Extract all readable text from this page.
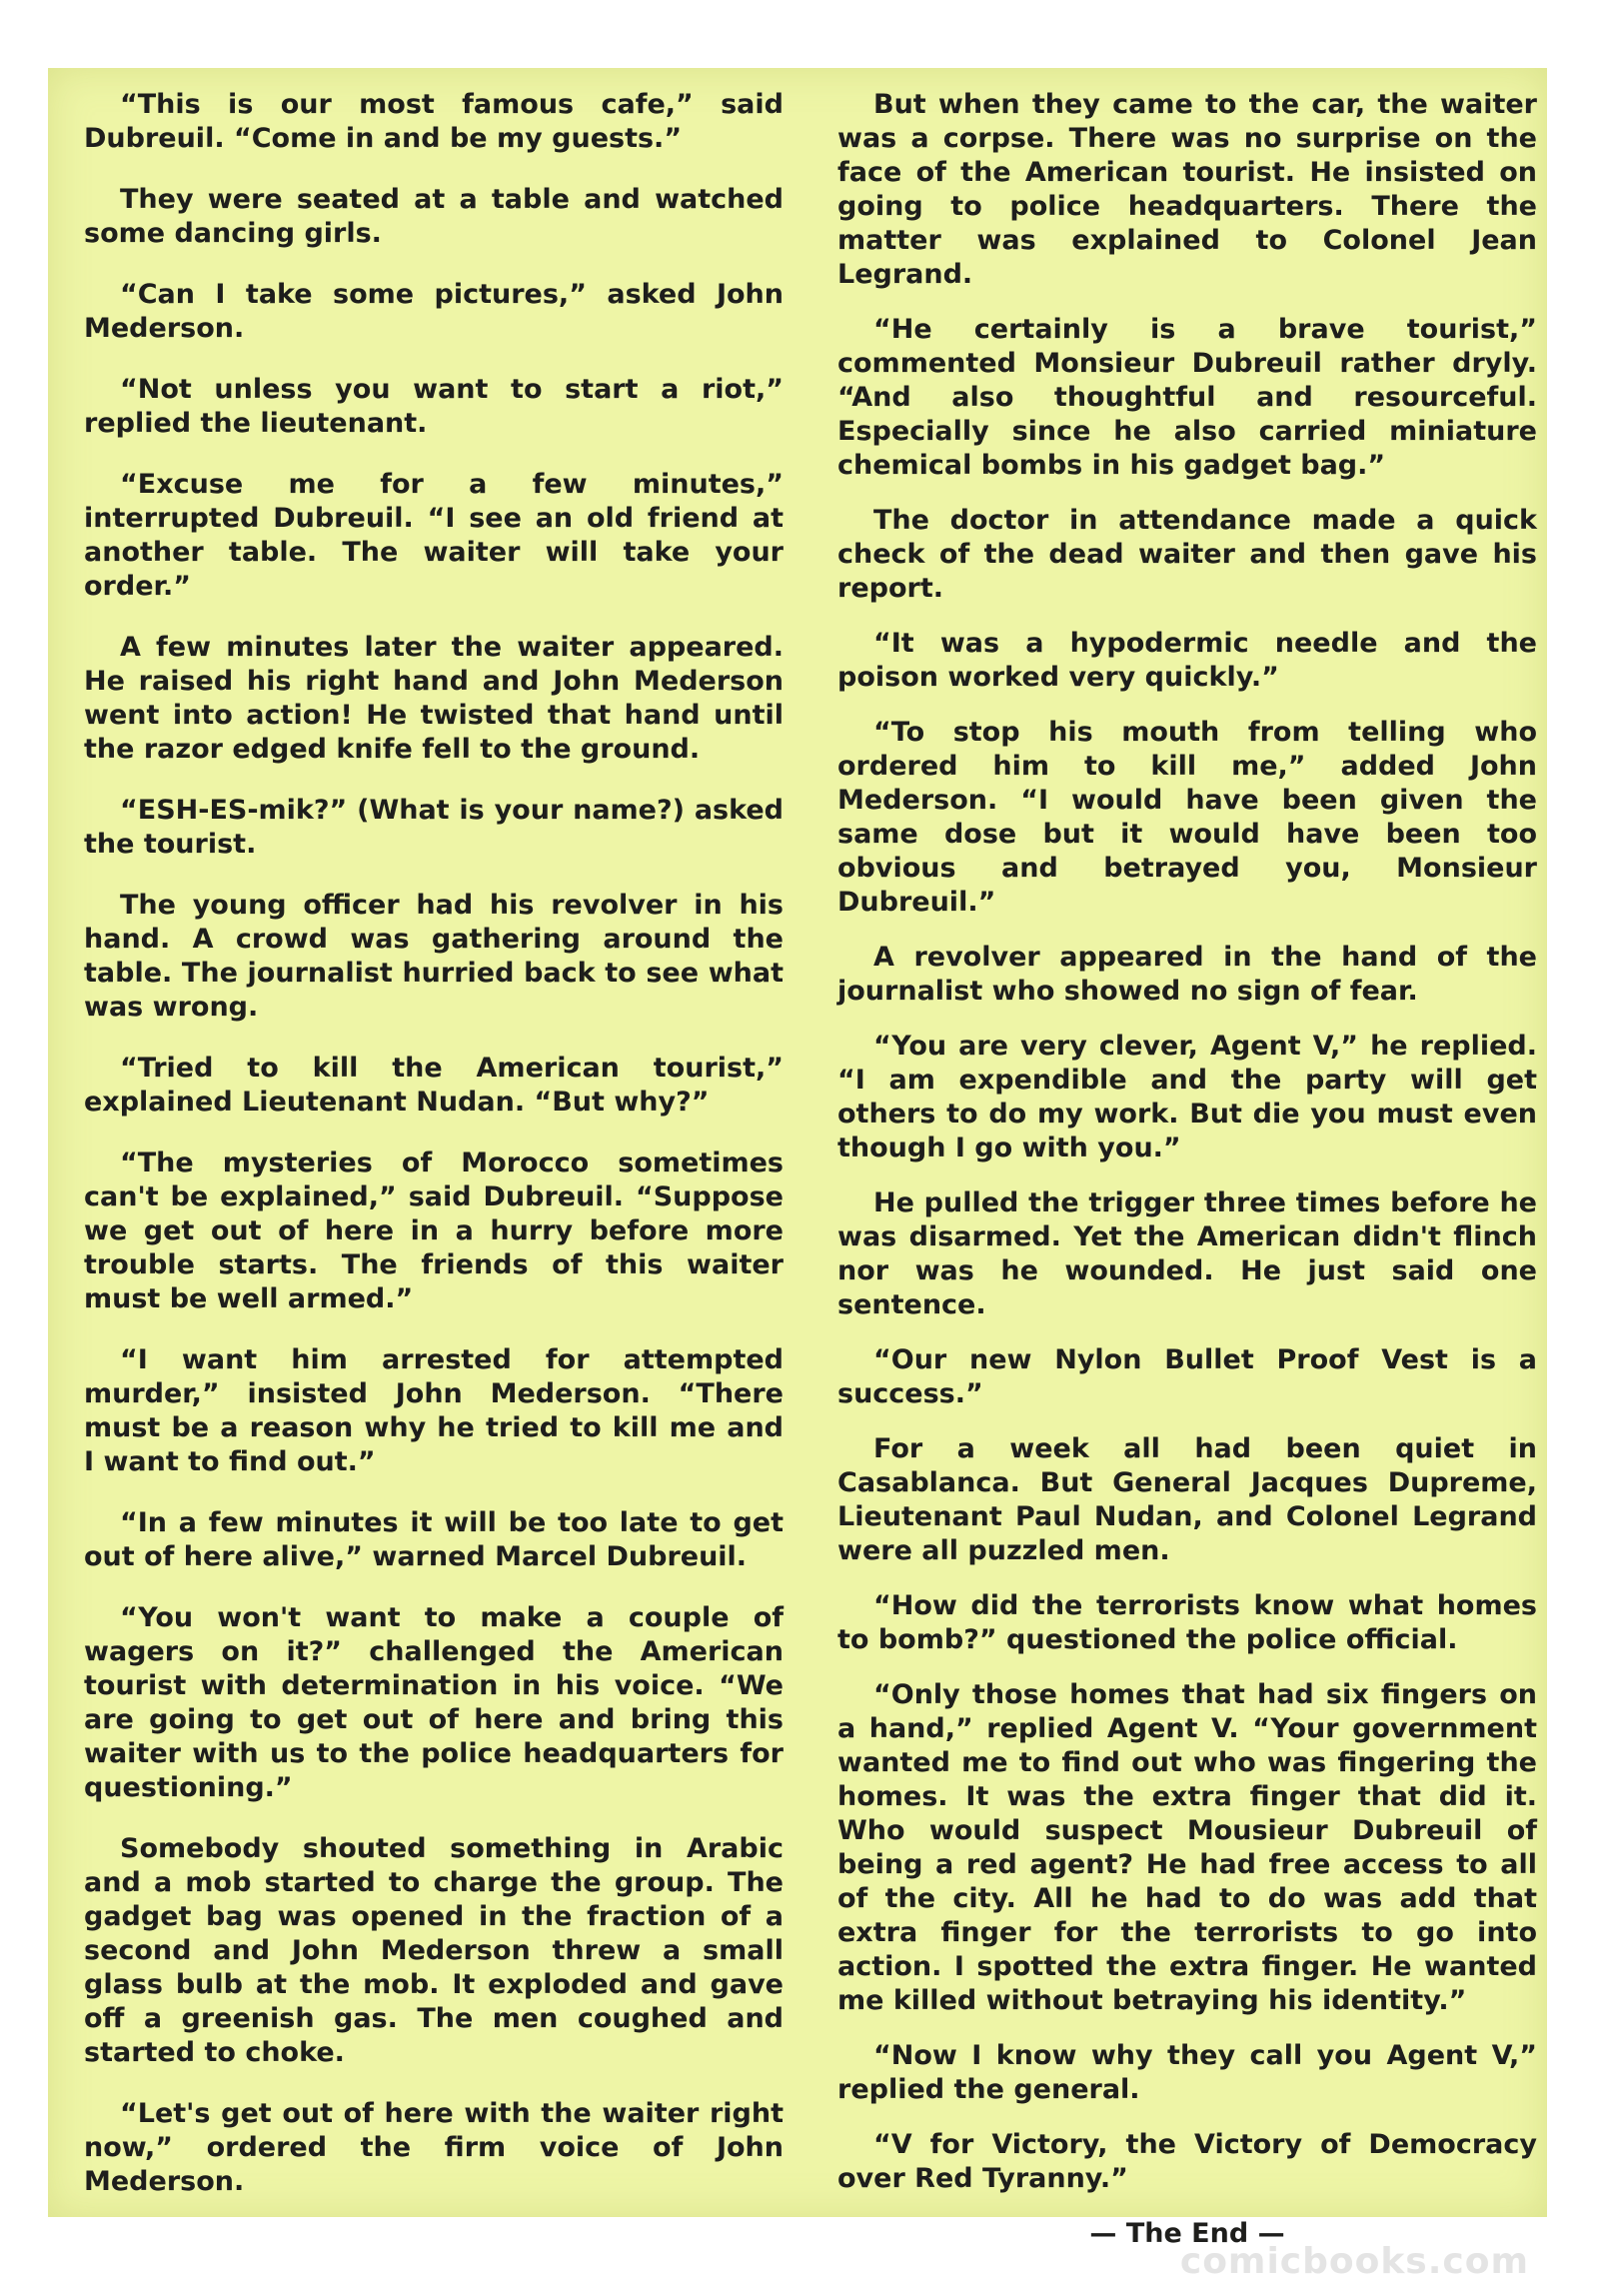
“This is our most famous cafe,” said Dubreuil. “Come in and be my guests.”

They were seated at a table and watched some dancing girls.

“Can I take some pictures,” asked John Mederson.

“Not unless you want to start a riot,” replied the lieutenant.

“Excuse me for a few minutes,” interrupted Dubreuil. “I see an old friend at another table. The waiter will take your order.”

A few minutes later the waiter appeared. He raised his right hand and John Mederson went into action! He twisted that hand until the razor edged knife fell to the ground.

“ESH-ES-mik?” (What is your name?) asked the tourist.

The young officer had his revolver in his hand. A crowd was gathering around the table. The journalist hurried back to see what was wrong.

“Tried to kill the American tourist,” explained Lieutenant Nudan. “But why?”

“The mysteries of Morocco sometimes can't be explained,” said Dubreuil. “Suppose we get out of here in a hurry before more trouble starts. The friends of this waiter must be well armed.”

“I want him arrested for attempted murder,” insisted John Mederson. “There must be a reason why he tried to kill me and I want to find out.”

“In a few minutes it will be too late to get out of here alive,” warned Marcel Dubreuil.

“You won't want to make a couple of wagers on it?” challenged the American tourist with determination in his voice. “We are going to get out of here and bring this waiter with us to the police headquarters for questioning.”

Somebody shouted something in Arabic and a mob started to charge the group. The gadget bag was opened in the fraction of a second and John Mederson threw a small glass bulb at the mob. It exploded and gave off a greenish gas. The men coughed and started to choke.

“Let's get out of here with the waiter right now,” ordered the firm voice of John Mederson.

But when they came to the car, the waiter was a corpse. There was no surprise on the face of the American tourist. He insisted on going to police headquarters. There the matter was explained to Colonel Jean Legrand.

“He certainly is a brave tourist,” commented Monsieur Dubreuil rather dryly. “And also thoughtful and resourceful. Especially since he also carried miniature chemical bombs in his gadget bag.”

The doctor in attendance made a quick check of the dead waiter and then gave his report.

“It was a hypodermic needle and the poison worked very quickly.”

“To stop his mouth from telling who ordered him to kill me,” added John Mederson. “I would have been given the same dose but it would have been too obvious and betrayed you, Monsieur Dubreuil.”

A revolver appeared in the hand of the journalist who showed no sign of fear.

“You are very clever, Agent V,” he replied. “I am expendible and the party will get others to do my work. But die you must even though I go with you.”

He pulled the trigger three times before he was disarmed. Yet the American didn't flinch nor was he wounded. He just said one sentence.

“Our new Nylon Bullet Proof Vest is a success.”

For a week all had been quiet in Casablanca. But General Jacques Dupreme, Lieutenant Paul Nudan, and Colonel Legrand were all puzzled men.

“How did the terrorists know what homes to bomb?” questioned the police official.

“Only those homes that had six fingers on a hand,” replied Agent V. “Your government wanted me to find out who was fingering the homes. It was the extra finger that did it. Who would suspect Mousieur Dubreuil of being a red agent? He had free access to all of the city. All he had to do was add that extra finger for the terrorists to go into action. I spotted the extra finger. He wanted me killed without betraying his identity.”

“Now I know why they call you Agent V,” replied the general.

“V for Victory, the Victory of Democracy over Red Tyranny.”

— The End —

comicbooks.com
